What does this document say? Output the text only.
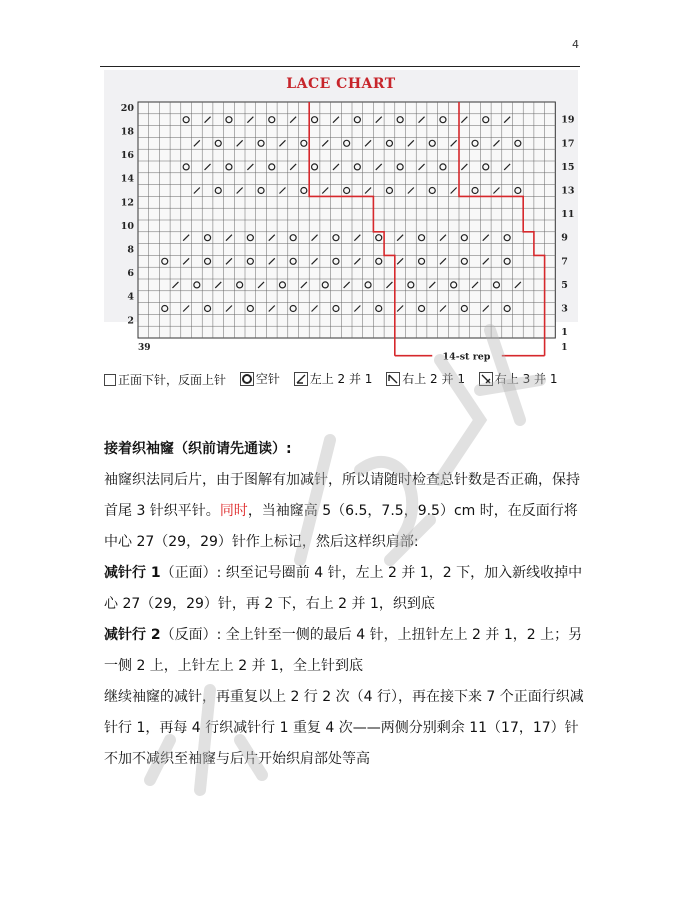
4
LACE CHART
20
18
16
14
12
10
8
6
4
2
19
17
15
13
11
9
7
5
3
1
39	1
14-st rep
正面下针，反面上针
空针
左上 2 并 1
右上 2 并 1
右上 3 并 1

接着织袖窿（织前请先通读）:

袖窿织法同后片，由于图解有加减针，所以请随时检查总针数是否正确，保持首尾 3 针织平针。同时，当袖窿高 5（6.5，7.5，9.5）cm 时，在反面行将中心 27（29，29）针作上标记，然后这样织肩部:

减针行 1（正面）: 织至记号圈前 4 针，左上 2 并 1，2 下，加入新线收掉中心 27（29，29）针，再 2 下，右上 2 并 1，织到底

减针行 2（反面）: 全上针至一侧的最后 4 针，上扭针左上 2 并 1，2 上；另一侧 2 上，上针左上 2 并 1，全上针到底

继续袖窿的减针，再重复以上 2 行 2 次（4 行），再在接下来 7 个正面行织减针行 1，再每 4 行织减针行 1 重复 4 次——两侧分别剩余 11（17，17）针

不加不减织至袖窿与后片开始织肩部处等高
